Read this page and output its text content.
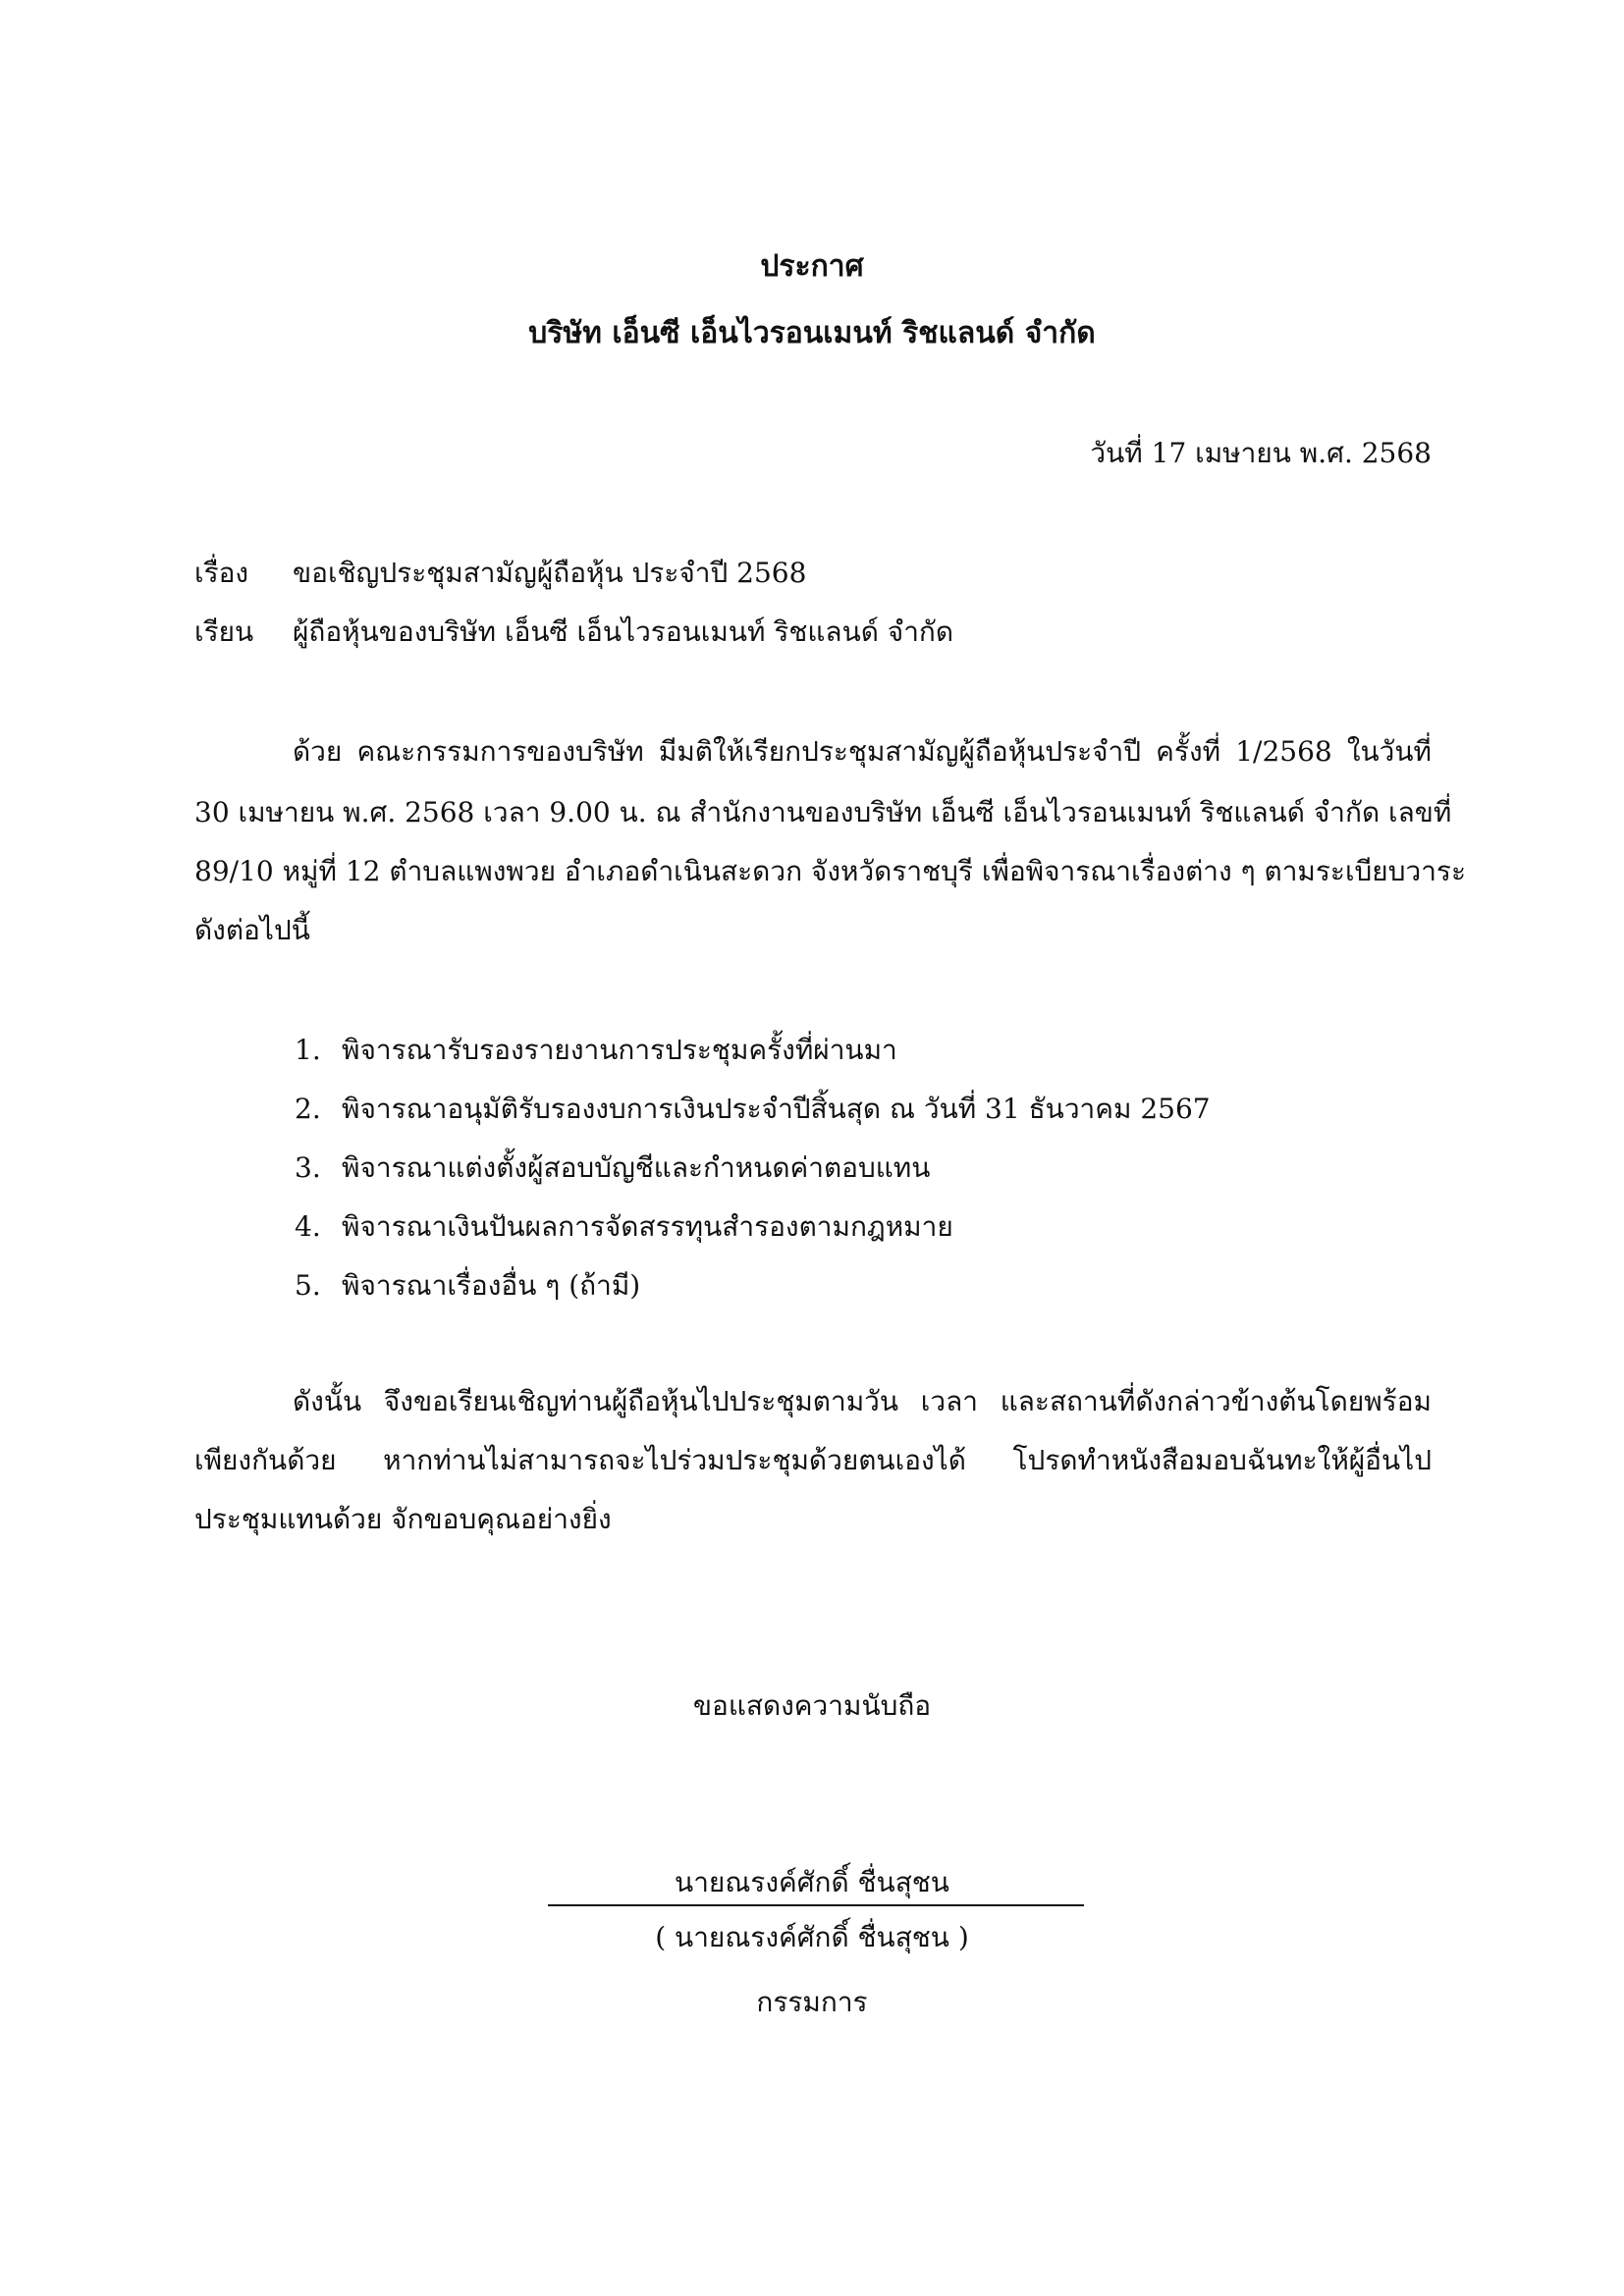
ประกาศ
บริษัท เอ็นซี เอ็นไวรอนเมนท์ ริชแลนด์ จำกัด
วันที่ 17 เมษายน พ.ศ. 2568
เรื่อง ขอเชิญประชุมสามัญผู้ถือหุ้น ประจำปี 2568
เรียน ผู้ถือหุ้นของบริษัท เอ็นซี เอ็นไวรอนเมนท์ ริชแลนด์ จำกัด
ด้วย คณะกรรมการของบริษัท มีมติให้เรียกประชุมสามัญผู้ถือหุ้นประจำปี ครั้งที่ 1/2568 ในวันที่
30 เมษายน พ.ศ. 2568 เวลา 9.00 น. ณ สำนักงานของบริษัท เอ็นซี เอ็นไวรอนเมนท์ ริชแลนด์ จำกัด เลขที่
89/10 หมู่ที่ 12 ตำบลแพงพวย อำเภอดำเนินสะดวก จังหวัดราชบุรี เพื่อพิจารณาเรื่องต่าง ๆ ตามระเบียบวาระ
ดังต่อไปนี้
1. พิจารณารับรองรายงานการประชุมครั้งที่ผ่านมา
2. พิจารณาอนุมัติรับรองงบการเงินประจำปีสิ้นสุด ณ วันที่ 31 ธันวาคม 2567
3. พิจารณาแต่งตั้งผู้สอบบัญชีและกำหนดค่าตอบแทน
4. พิจารณาเงินปันผลการจัดสรรทุนสำรองตามกฎหมาย
5. พิจารณาเรื่องอื่น ๆ (ถ้ามี)
ดังนั้น จึงขอเรียนเชิญท่านผู้ถือหุ้นไปประชุมตามวัน เวลา และสถานที่ดังกล่าวข้างต้นโดยพร้อม
เพียงกันด้วย หากท่านไม่สามารถจะไปร่วมประชุมด้วยตนเองได้ โปรดทำหนังสือมอบฉันทะให้ผู้อื่นไป
ประชุมแทนด้วย จักขอบคุณอย่างยิ่ง
ขอแสดงความนับถือ
นายณรงค์ศักดิ์ ชื่นสุชน
( นายณรงค์ศักดิ์ ชื่นสุชน )
กรรมการ
